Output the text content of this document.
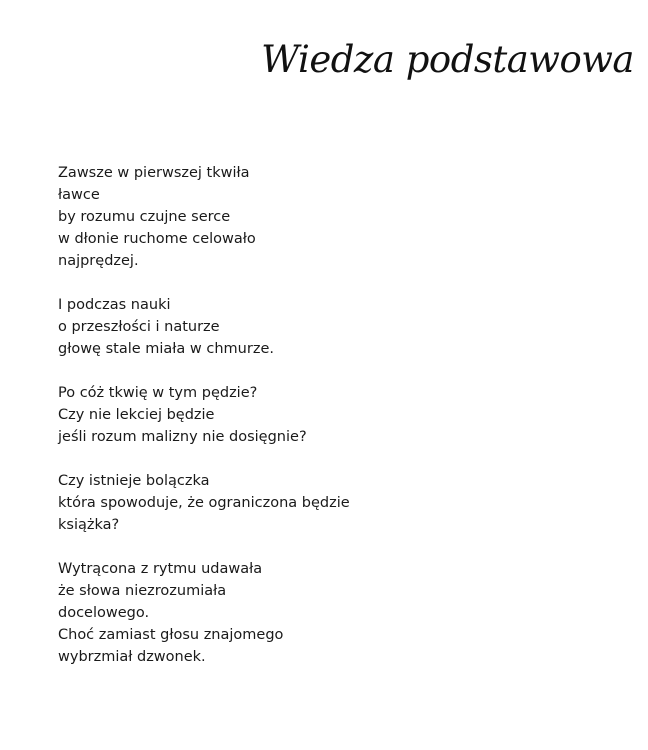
Wiedza podstawowa
Zawsze w pierwszej tkwiła
ławce
by rozumu czujne serce
w dłonie ruchome celowało
najprędzej.
I podczas nauki
o przeszłości i naturze
głowę stale miała w chmurze.
Po cóż tkwię w tym pędzie?
Czy nie lekciej będzie
jeśli rozum malizny nie dosięgnie?
Czy istnieje bolączka
która spowoduje, że ograniczona będzie
książka?
Wytrącona z rytmu udawała
że słowa niezrozumiała
docelowego.
Choć zamiast głosu znajomego
wybrzmiał dzwonek.
